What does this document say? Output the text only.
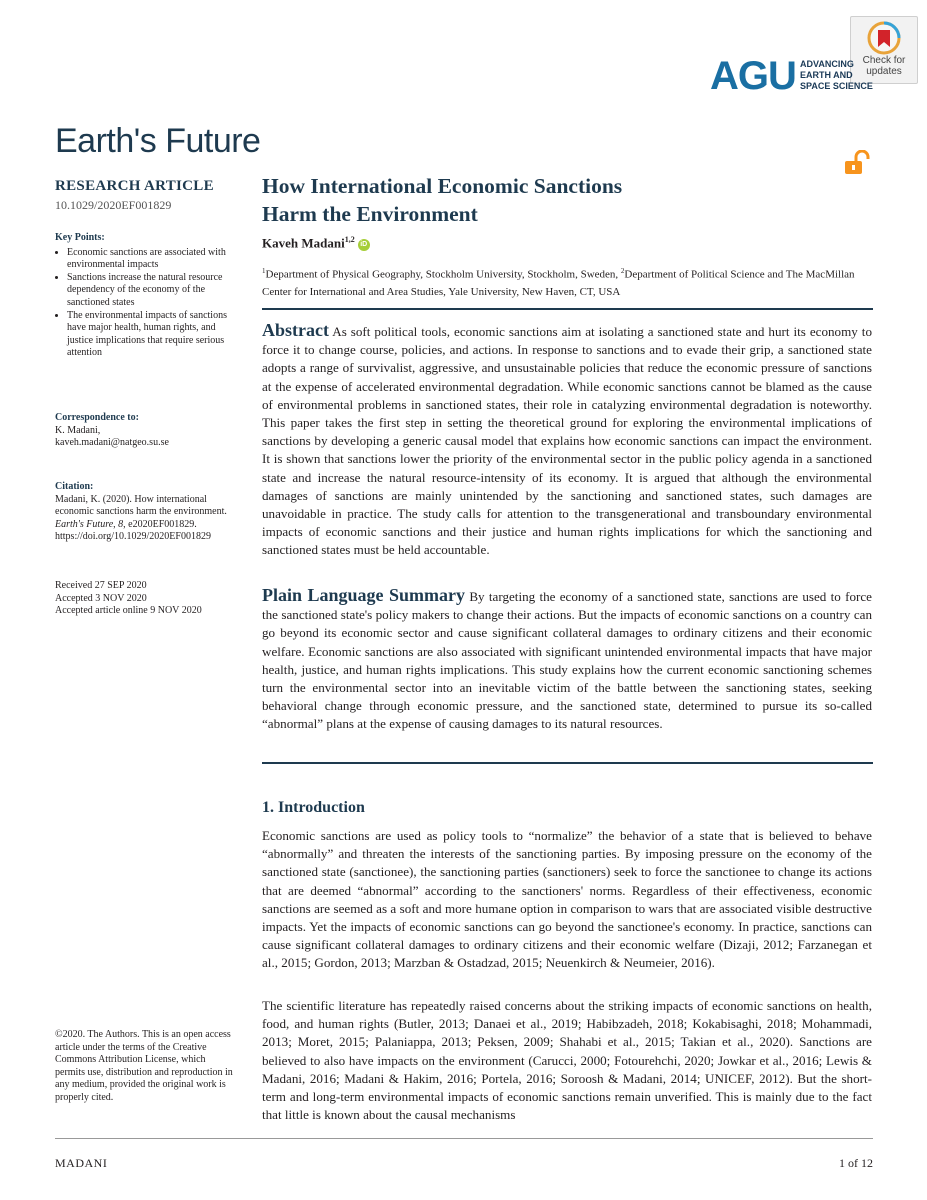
Check for
updates
AGU ADVANCING
EARTH AND
SPACE SCIENCE
Earth's Future
RESEARCH ARTICLE
10.1029/2020EF001829
Key Points:
• Economic sanctions are associated with environmental impacts
• Sanctions increase the natural resource dependency of the economy of the sanctioned states
• The environmental impacts of sanctions have major health, human rights, and justice implications that require serious attention
Correspondence to:
K. Madani,
kaveh.madani@natgeo.su.se
Citation:
Madani, K. (2020). How international economic sanctions harm the environment. Earth's Future, 8, e2020EF001829. https://doi.org/10.1029/2020EF001829
Received 27 SEP 2020
Accepted 3 NOV 2020
Accepted article online 9 NOV 2020
©2020. The Authors. This is an open access article under the terms of the Creative Commons Attribution License, which permits use, distribution and reproduction in any medium, provided the original work is properly cited.
How International Economic Sanctions
Harm the Environment
Kaveh Madani$^{1,2}$iD
$^1$Department of Physical Geography, Stockholm University, Stockholm, Sweden, $^2$Department of Political Science and The MacMillan Center for International and Area Studies, Yale University, New Haven, CT, USA
Abstract As soft political tools, economic sanctions aim at isolating a sanctioned state and hurt its economy to force it to change course, policies, and actions. In response to sanctions and to evade their grip, a sanctioned state adopts a range of survivalist, aggressive, and unsustainable policies that reduce the economic pressure of sanctions at the expense of accelerated environmental degradation. While economic sanctions cannot be blamed as the cause of environmental problems in sanctioned states, their role in catalyzing environmental degradation is noteworthy. This paper takes the first step in setting the theoretical ground for exploring the environmental implications of sanctions by developing a generic causal model that explains how economic sanctions can impact the environment. It is shown that sanctions lower the priority of the environmental sector in the public policy agenda in a sanctioned state and increase the natural resource-intensity of its economy. It is argued that although the environmental damages of sanctions are mainly unintended by the sanctioning and sanctioned states, such damages are unavoidable in practice. The study calls for attention to the transgenerational and transboundary environmental impacts of economic sanctions and their justice and human rights implications for which the sanctioning and sanctioned states must be held accountable.
Plain Language Summary By targeting the economy of a sanctioned state, sanctions are used to force the sanctioned state's policy makers to change their actions. But the impacts of economic sanctions on a country can go beyond its economic sector and cause significant collateral damages to ordinary citizens and their economic welfare. Economic sanctions are also associated with significant unintended environmental impacts that have major health, justice, and human rights implications. This study explains how the current economic sanctioning schemes turn the environmental sector into an inevitable victim of the battle between the sanctioning states, seeking behavioral change through economic pressure, and the sanctioned state, determined to pursue its so-called “abnormal” plans at the expense of causing damages to its natural resources.
1. Introduction
Economic sanctions are used as policy tools to “normalize” the behavior of a state that is believed to behave “abnormally” and threaten the interests of the sanctioning parties. By imposing pressure on the economy of the sanctioned state (sanctionee), the sanctioning parties (sanctioners) seek to force the sanctionee to change its actions that are deemed “abnormal” according to the sanctioners' norms. Regardless of their effectiveness, economic sanctions are seemed as a soft and more humane option in comparison to wars that are associated visible destructive impacts. Yet the impacts of economic sanctions can go beyond the sanctionee's economy. In practice, sanctions can cause significant collateral damages to ordinary citizens and their economic welfare (Dizaji, 2012; Farzanegan et al., 2015; Gordon, 2013; Marzban & Ostadzad, 2015; Neuenkirch & Neumeier, 2016).
The scientific literature has repeatedly raised concerns about the striking impacts of economic sanctions on health, food, and human rights (Butler, 2013; Danaei et al., 2019; Habibzadeh, 2018; Kokabisaghi, 2018; Mohammadi, 2013; Moret, 2015; Palaniappa, 2013; Peksen, 2009; Shahabi et al., 2015; Takian et al., 2020). Sanctions are believed to also have impacts on the environment (Carucci, 2000; Fotourehchi, 2020; Jowkar et al., 2016; Lewis & Madani, 2016; Madani & Hakim, 2016; Portela, 2016; Soroosh & Madani, 2014; UNICEF, 2012). But the short-term and long-term environmental impacts of economic sanctions remain unverified. This is mainly due to the fact that little is known about the causal mechanisms
MADANI	1 of 12
